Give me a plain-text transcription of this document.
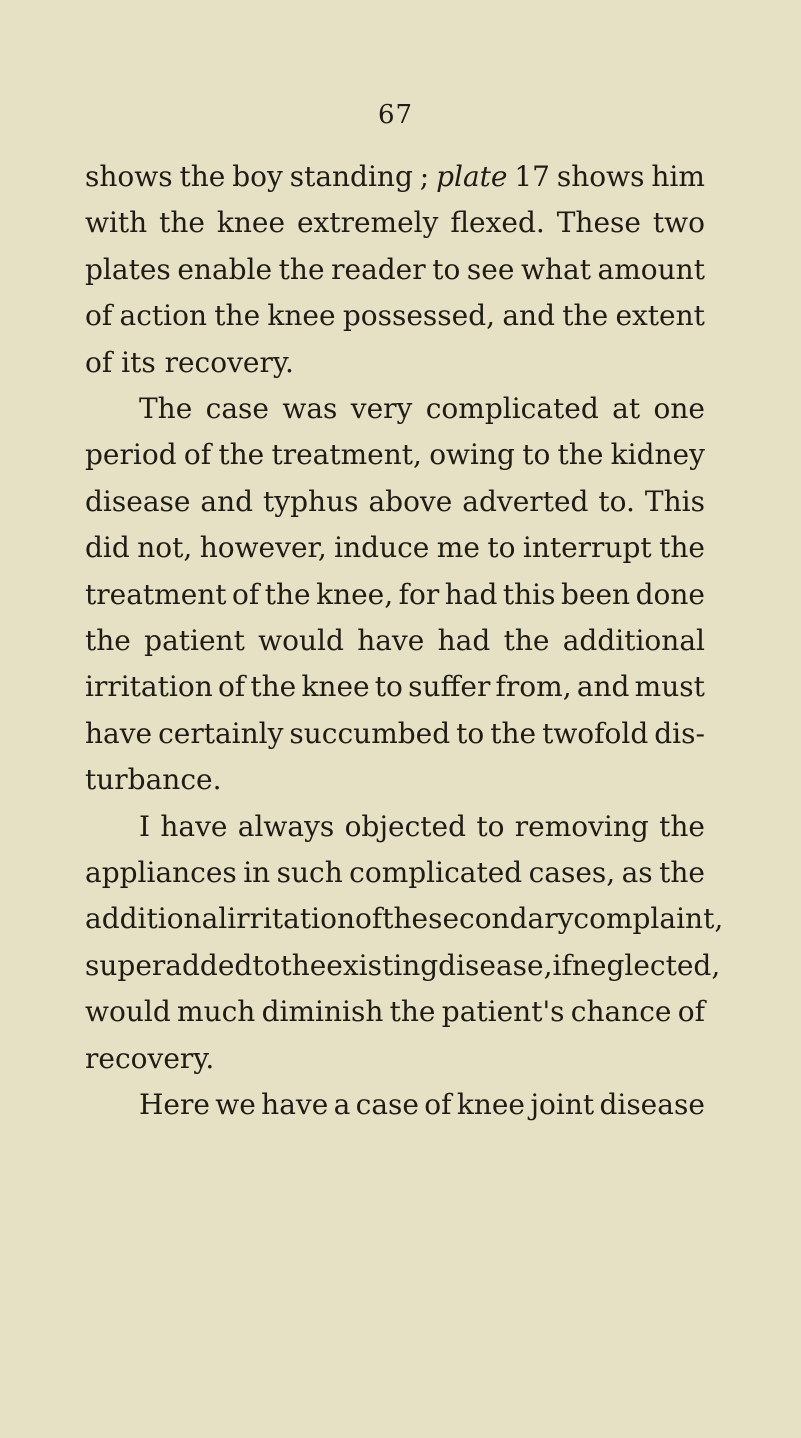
67
shows the boy standing ; plate 17 shows him
with the knee extremely flexed. These two
plates enable the reader to see what amount
of action the knee possessed, and the extent
of its recovery.
The case was very complicated at one
period of the treatment, owing to the kidney
disease and typhus above adverted to. This
did not, however, induce me to interrupt the
treatment of the knee, for had this been done
the patient would have had the additional
irritation of the knee to suffer from, and must
have certainly succumbed to the twofold dis-
turbance.
I have always objected to removing the
appliances in such complicated cases, as the
additional irritation of the secondary complaint,
superadded to the existing disease, if neglected,
would much diminish the patient's chance of
recovery.
Here we have a case of knee joint disease
